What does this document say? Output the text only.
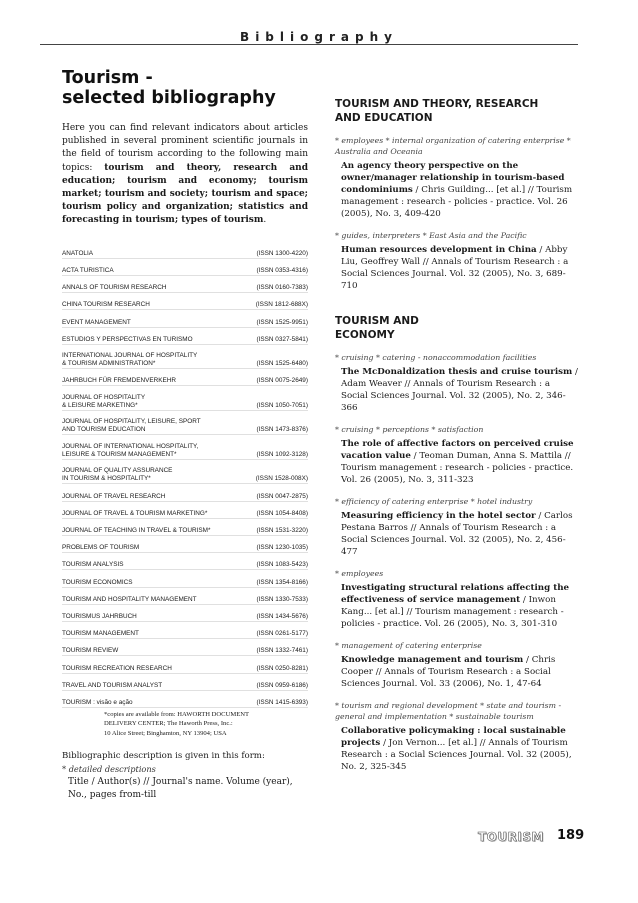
Bibliography
Tourism -
selected bibliography

Here you can find relevant indicators about articles published in several prominent scientific journals in the field of tourism according to the following main topics: tourism and theory, research and education; tourism and economy; tourism market; tourism and society; tourism and space; tourism policy and organization; statistics and forecasting in tourism; types of tourism.

ANATOLIA	(ISSN 1300-4220)
ACTA TURISTICA	(ISSN 0353-4316)
ANNALS OF TOURISM RESEARCH	(ISSN 0160-7383)
CHINA TOURISM RESEARCH	(ISSN 1812-688X)
EVENT MANAGEMENT	(ISSN 1525-9951)
ESTUDIOS Y PERSPECTIVAS EN TURISMO	(ISSN 0327-5841)
INTERNATIONAL JOURNAL OF HOSPITALITY
& TOURISM ADMINISTRATION*	(ISSN 1525-6480)
JAHRBUCH FÜR FREMDENVERKEHR	(ISSN 0075-2649)
JOURNAL OF HOSPITALITY
& LEISURE MARKETING*	(ISSN 1050-7051)
JOURNAL OF HOSPITALITY, LEISURE, SPORT
AND TOURISM EDUCATION	(ISSN 1473-8376)
JOURNAL OF INTERNATIONAL HOSPITALITY,
LEISURE & TOURISM MANAGEMENT*	(ISSN 1092-3128)
JOURNAL OF QUALITY ASSURANCE
IN TOURISM & HOSPITALITY*	(ISSN 1528-008X)
JOURNAL OF TRAVEL RESEARCH	(ISSN 0047-2875)
JOURNAL OF TRAVEL & TOURISM MARKETING*	(ISSN 1054-8408)
JOURNAL OF TEACHING IN TRAVEL & TOURISM*	(ISSN 1531-3220)
PROBLEMS OF TOURISM	(ISSN 1230-1035)
TOURISM ANALYSIS	(ISSN 1083-5423)
TOURISM ECONOMICS	(ISSN 1354-8166)
TOURISM AND HOSPITALITY MANAGEMENT	(ISSN 1330-7533)
TOURISMUS JAHRBUCH	(ISSN 1434-5676)
TOURISM MANAGEMENT	(ISSN 0261-5177)
TOURISM REVIEW	(ISSN 1332-7461)
TOURISM RECREATION RESEARCH	(ISSN 0250-8281)
TRAVEL AND TOURISM ANALYST	(ISSN 0959-6186)
TOURISM : visão e ação	(ISSN 1415-6393)
*copies are available from: HAWORTH DOCUMENT
DELIVERY CENTER; The Haworth Press, Inc.:
10 Alice Street; Binghamton, NY 13904; USA
Bibliographic description is given in this form:
* detailed descriptions
Title / Author(s) // Journal's name. Volume (year), No., pages from-till
TOURISM AND THEORY, RESEARCH AND EDUCATION
* employees * internal organization of catering enterprise * Australia and Oceania
An agency theory perspective on the owner/manager relationship in tourism-based condominiums / Chris Guilding... [et al.] // Tourism management : research - policies - practice. Vol. 26 (2005), No. 3, 409-420
* guides, interpreters * East Asia and the Pacific
Human resources development in China / Abby Liu, Geoffrey Wall // Annals of Tourism Research : a Social Sciences Journal. Vol. 32 (2005), No. 3, 689-710
TOURISM AND ECONOMY
* cruising * catering - nonaccommodation facilities
The McDonaldization thesis and cruise tourism / Adam Weaver // Annals of Tourism Research : a Social Sciences Journal. Vol. 32 (2005), No. 2, 346-366
* cruising * perceptions * satisfaction
The role of affective factors on perceived cruise vacation value / Teoman Duman, Anna S. Mattila // Tourism management : research - policies - practice. Vol. 26 (2005), No. 3, 311-323
* efficiency of catering enterprise * hotel industry
Measuring efficiency in the hotel sector / Carlos Pestana Barros // Annals of Tourism Research : a Social Sciences Journal. Vol. 32 (2005), No. 2, 456-477
* employees
Investigating structural relations affecting the effectiveness of service management / Inwon Kang... [et al.] // Tourism management : research - policies - practice. Vol. 26 (2005), No. 3, 301-310
* management of catering enterprise
Knowledge management and tourism / Chris Cooper // Annals of Tourism Research : a Social Sciences Journal. Vol. 33 (2006), No. 1, 47-64
* tourism and regional development * state and tourism - general and implementation * sustainable tourism
Collaborative policymaking : local sustainable projects / Jon Vernon... [et al.] // Annals of Tourism Research : a Social Sciences Journal. Vol. 32 (2005), No. 2, 325-345
TOURISM 189
